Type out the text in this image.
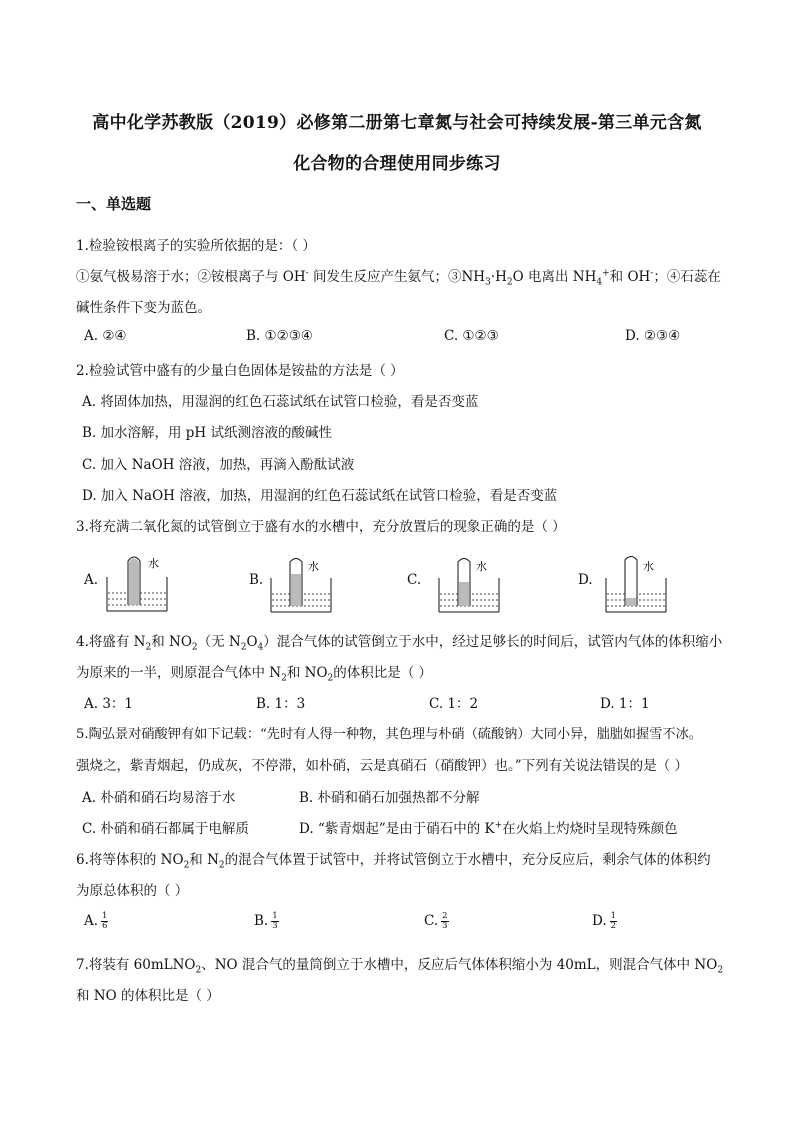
高中化学苏教版（2019）必修第二册第七章氮与社会可持续发展-第三单元含氮
化合物的合理使用同步练习
一、单选题
1.检验铵根离子的实验所依据的是：（ ）
①氨气极易溶于水；②铵根离子与 OH- 间发生反应产生氨气；$③NH_3\cdot H_2O$ 电离出 $NH_4^+$和 OH-；④石蕊在
碱性条件下变为蓝色。
A. ②④	B. ①②③④	C. ①②③	D. ②③④
2.检验试管中盛有的少量白色固体是铵盐的方法是（ ）
A. 将固体加热，用湿润的红色石蕊试纸在试管口检验，看是否变蓝
B. 加水溶解，用 pH 试纸测溶液的酸碱性
C. 加入 NaOH 溶液，加热，再滴入酚酞试液
D. 加入 NaOH 溶液，加热，用湿润的红色石蕊试纸在试管口检验，看是否变蓝
3.将充满二氧化氮的试管倒立于盛有水的水槽中，充分放置后的现象正确的是（ ）
A.
水
B.
水
C.
水
D.
水
4.将盛有 $N_2$和 $NO_2$（无 $N_2O_4$）混合气体的试管倒立于水中，经过足够长的时间后，试管内气体的体积缩小
为原来的一半，则原混合气体中 $N_2$和 $NO_2$的体积比是（ ）
A. 3：1	B. 1：3	C. 1：2	D. 1：1
5.陶弘景对硝酸钾有如下记载：“先时有人得一种物，其色理与朴硝（硫酸钠）大同小异，朏朏如握雪不冰。
强烧之，紫青烟起，仍成灰，不停滞，如朴硝，云是真硝石（硝酸钾）也。”下列有关说法错误的是（ ）
A. 朴硝和硝石均易溶于水	B. 朴硝和硝石加强热都不分解
C. 朴硝和硝石都属于电解质	D. “紫青烟起”是由于硝石中的 K+在火焰上灼烧时呈现特殊颜色
6.将等体积的 $NO_2$和 $N_2$的混合气体置于试管中，并将试管倒立于水槽中，充分反应后，剩余气体的体积约
为原总体积的（ ）
A. $\frac{1}{6}$	B. $\frac{1}{3}$	C. $\frac{2}{3}$	D. $\frac{1}{2}$
7.将装有 60mLNO$_2$、NO 混合气的量筒倒立于水槽中，反应后气体体积缩小为 40mL，则混合气体中 $NO_2$
和 NO 的体积比是（ ）
